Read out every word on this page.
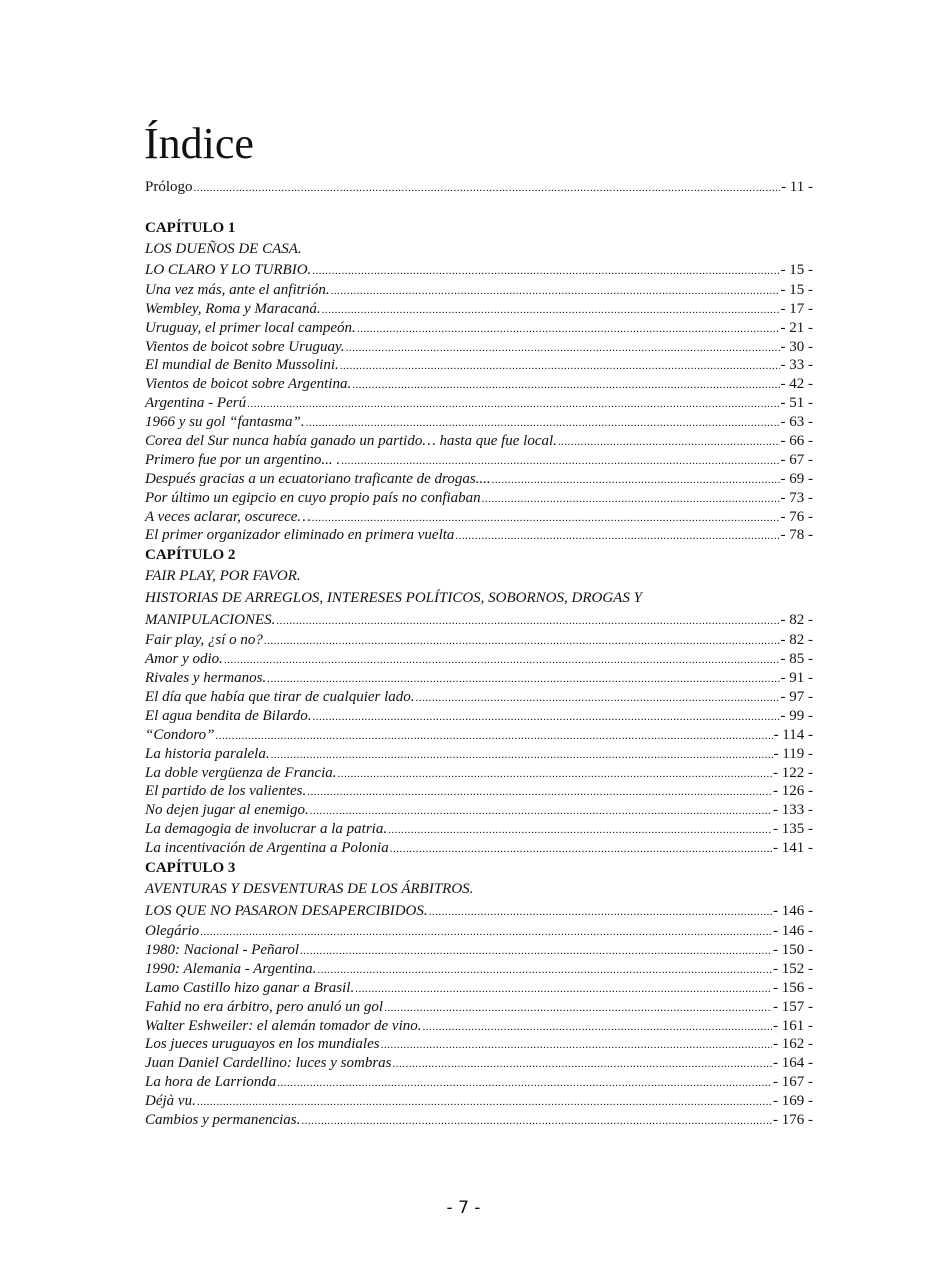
Índice
Prólogo .....	- 11 -
CAPÍTULO 1
LOS DUEÑOS DE CASA.
LO CLARO Y LO TURBIO. .....	- 15 -
Una vez más, ante el anfitrión. .....	- 15 -
Wembley, Roma y Maracaná. .....	- 17 -
Uruguay, el primer local campeón. .....	- 21 -
Vientos de boicot sobre Uruguay. .....	- 30 -
El mundial de Benito Mussolini. .....	- 33 -
Vientos de boicot sobre Argentina. .....	- 42 -
Argentina - Perú .....	- 51 -
1966 y su gol “fantasma”. .....	- 63 -
Corea del Sur nunca había ganado un partido… hasta que fue local. .....	- 66 -
Primero fue por un argentino... . .....	- 67 -
Después gracias a un ecuatoriano traficante de drogas.... .....	- 69 -
Por último un egipcio en cuyo propio país no confiaban .....	- 73 -
A veces aclarar, oscurece… .....	- 76 -
El primer organizador eliminado en primera vuelta .....	- 78 -
CAPÍTULO 2
FAIR PLAY, POR FAVOR.
HISTORIAS DE ARREGLOS, INTERESES POLÍTICOS, SOBORNOS, DROGAS Y
MANIPULACIONES. .....	- 82 -
Fair play, ¿sí o no? .....	- 82 -
Amor y odio. .....	- 85 -
Rivales y hermanos. .....	- 91 -
El día que había que tirar de cualquier lado. .....	- 97 -
El agua bendita de Bilardo. .....	- 99 -
“Condoro” .....	- 114 -
La historia paralela. .....	- 119 -
La doble vergüenza de Francia. .....	- 122 -
El partido de los valientes. .....	- 126 -
No dejen jugar al enemigo. .....	- 133 -
La demagogia de involucrar a la patria. .....	- 135 -
La incentivación de Argentina a Polonia .....	- 141 -
CAPÍTULO 3
AVENTURAS Y DESVENTURAS DE LOS ÁRBITROS.
LOS QUE NO PASARON DESAPERCIBIDOS. .....	- 146 -
Olegário .....	- 146 -
1980: Nacional - Peñarol .....	- 150 -
1990: Alemania - Argentina. .....	- 152 -
Lamo Castillo hizo ganar a Brasil. .....	- 156 -
Fahid no era árbitro, pero anuló un gol .....	- 157 -
Walter Eshweiler: el alemán tomador de vino. .....	- 161 -
Los jueces uruguayos en los mundiales .....	- 162 -
Juan Daniel Cardellino: luces y sombras .....	- 164 -
La hora de Larrionda .....	- 167 -
Déjà vu. .....	- 169 -
Cambios y permanencias. .....	- 176 -
- 7 -
